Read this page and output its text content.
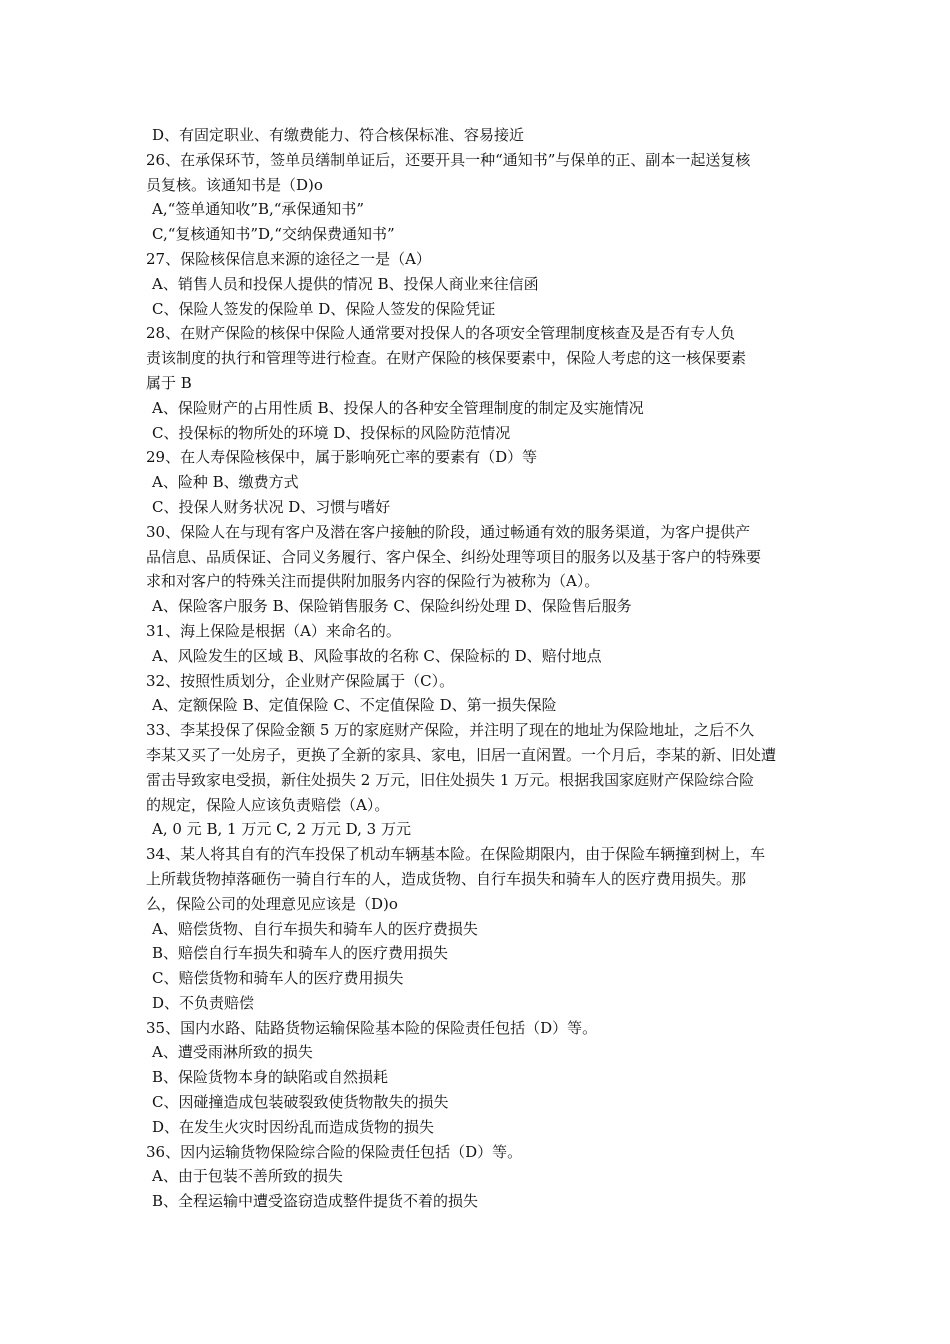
D、有固定职业、有缴费能力、符合核保标准、容易接近
26、在承保环节，签单员缮制单证后，还要开具一种“通知书”与保单的正、副本一起送复核
员复核。该通知书是（D)o
A,“签单通知收”B,“承保通知书”
C,“复核通知书”D,“交纳保费通知书”
27、保险核保信息来源的途径之一是（A）
A、销售人员和投保人提供的情况 B、投保人商业来往信函
C、保险人签发的保险单 D、保险人签发的保险凭证
28、在财产保险的核保中保险人通常要对投保人的各项安全管理制度核查及是否有专人负
责该制度的执行和管理等进行检查。在财产保险的核保要素中，保险人考虑的这一核保要素
属于 B
A、保险财产的占用性质 B、投保人的各种安全管理制度的制定及实施情况
C、投保标的物所处的环境 D、投保标的风险防范情况
29、在人寿保险核保中，属于影响死亡率的要素有（D）等
A、险种 B、缴费方式
C、投保人财务状况 D、习惯与嗜好
30、保险人在与现有客户及潜在客户接触的阶段，通过畅通有效的服务渠道，为客户提供产
品信息、品质保证、合同义务履行、客户保全、纠纷处理等项目的服务以及基于客户的特殊要
求和对客户的特殊关注而提供附加服务内容的保险行为被称为（A）。
A、保险客户服务 B、保险销售服务 C、保险纠纷处理 D、保险售后服务
31、海上保险是根据（A）来命名的。
A、风险发生的区域 B、风险事故的名称 C、保险标的 D、赔付地点
32、按照性质划分，企业财产保险属于（C）。
A、定额保险 B、定值保险 C、不定值保险 D、第一损失保险
33、李某投保了保险金额 5 万的家庭财产保险，并注明了现在的地址为保险地址，之后不久
李某又买了一处房子，更换了全新的家具、家电，旧居一直闲置。一个月后，李某的新、旧处遭
雷击导致家电受损，新住处损失 2 万元，旧住处损失 1 万元。根据我国家庭财产保险综合险
的规定，保险人应该负责赔偿（A）。
A, 0 元 B, 1 万元 C, 2 万元 D, 3 万元
34、某人将其自有的汽车投保了机动车辆基本险。在保险期限内，由于保险车辆撞到树上，车
上所载货物掉落砸伤一骑自行车的人，造成货物、自行车损失和骑车人的医疗费用损失。那
么，保险公司的处理意见应该是（D)o
A、赔偿货物、自行车损失和骑车人的医疗费损失
B、赔偿自行车损失和骑车人的医疗费用损失
C、赔偿货物和骑车人的医疗费用损失
D、不负责赔偿
35、国内水路、陆路货物运输保险基本险的保险责任包括（D）等。
A、遭受雨淋所致的损失
B、保险货物本身的缺陷或自然损耗
C、因碰撞造成包装破裂致使货物散失的损失
D、在发生火灾时因纷乱而造成货物的损失
36、因内运输货物保险综合险的保险责任包括（D）等。
A、由于包装不善所致的损失
B、全程运输中遭受盗窃造成整件提货不着的损失
